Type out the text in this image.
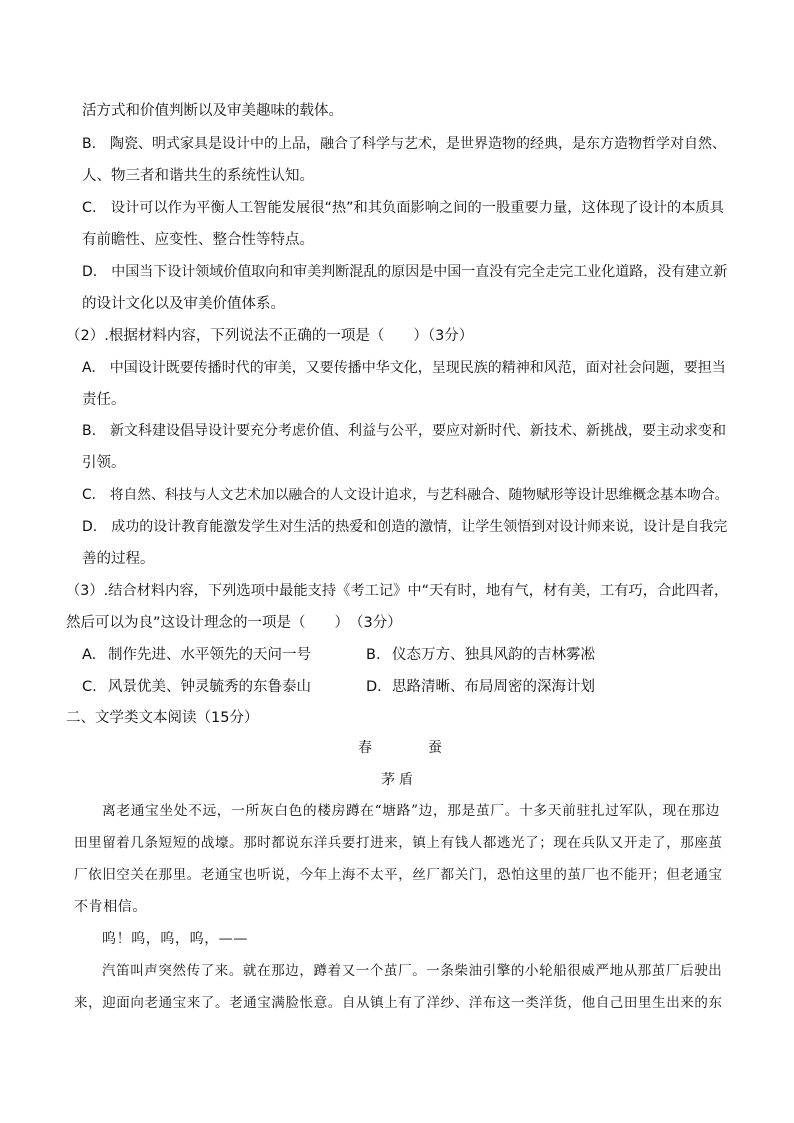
活方式和价值判断以及审美趣味的载体。
B.　陶瓷、明式家具是设计中的上品，融合了科学与艺术，是世界造物的经典，是东方造物哲学对自然、
人、物三者和谐共生的系统性认知。
C.　设计可以作为平衡人工智能发展很“热”和其负面影响之间的一股重要力量，这体现了设计的本质具
有前瞻性、应变性、整合性等特点。
D.　中国当下设计领域价值取向和审美判断混乱的原因是中国一直没有完全走完工业化道路，没有建立新
的设计文化以及审美价值体系。
（2）.根据材料内容，下列说法不正确的一项是（　　）（3分）
A.　中国设计既要传播时代的审美，又要传播中华文化，呈现民族的精神和风范，面对社会问题，要担当
责任。
B.　新文科建设倡导设计要充分考虑价值、利益与公平，要应对新时代、新技术、新挑战，要主动求变和
引领。
C.　将自然、科技与人文艺术加以融合的人文设计追求，与艺科融合、随物赋形等设计思维概念基本吻合。
D.　成功的设计教育能激发学生对生活的热爱和创造的激情，让学生领悟到对设计师来说，设计是自我完
善的过程。
（3）.结合材料内容，下列选项中最能支持《考工记》中“天有时，地有气，材有美，工有巧，合此四者，
然后可以为良”这设计理念的一项是（　　）　（3分）
A. 制作先进、水平领先的天问一号	B. 仪态万方、独具风韵的吉林雾凇
C. 风景优美、钟灵毓秀的东鲁泰山	D. 思路清晰、布局周密的深海计划
二、文学类文本阅读（15分）
春	蚕
茅盾
离老通宝坐处不远，一所灰白色的楼房蹲在“塘路”边，那是茧厂。十多天前驻扎过军队，现在那边
田里留着几条短短的战壕。那时都说东洋兵要打进来，镇上有钱人都逃光了；现在兵队又开走了，那座茧
厂依旧空关在那里。老通宝也听说，今年上海不太平，丝厂都关门，恐怕这里的茧厂也不能开；但老通宝
不肯相信。
呜！呜，呜，呜，——
汽笛叫声突然传了来。就在那边，蹲着又一个茧厂。一条柴油引擎的小轮船很威严地从那茧厂后驶出
来，迎面向老通宝来了。老通宝满脸怅意。自从镇上有了洋纱、洋布这一类洋货，他自己田里生出来的东
